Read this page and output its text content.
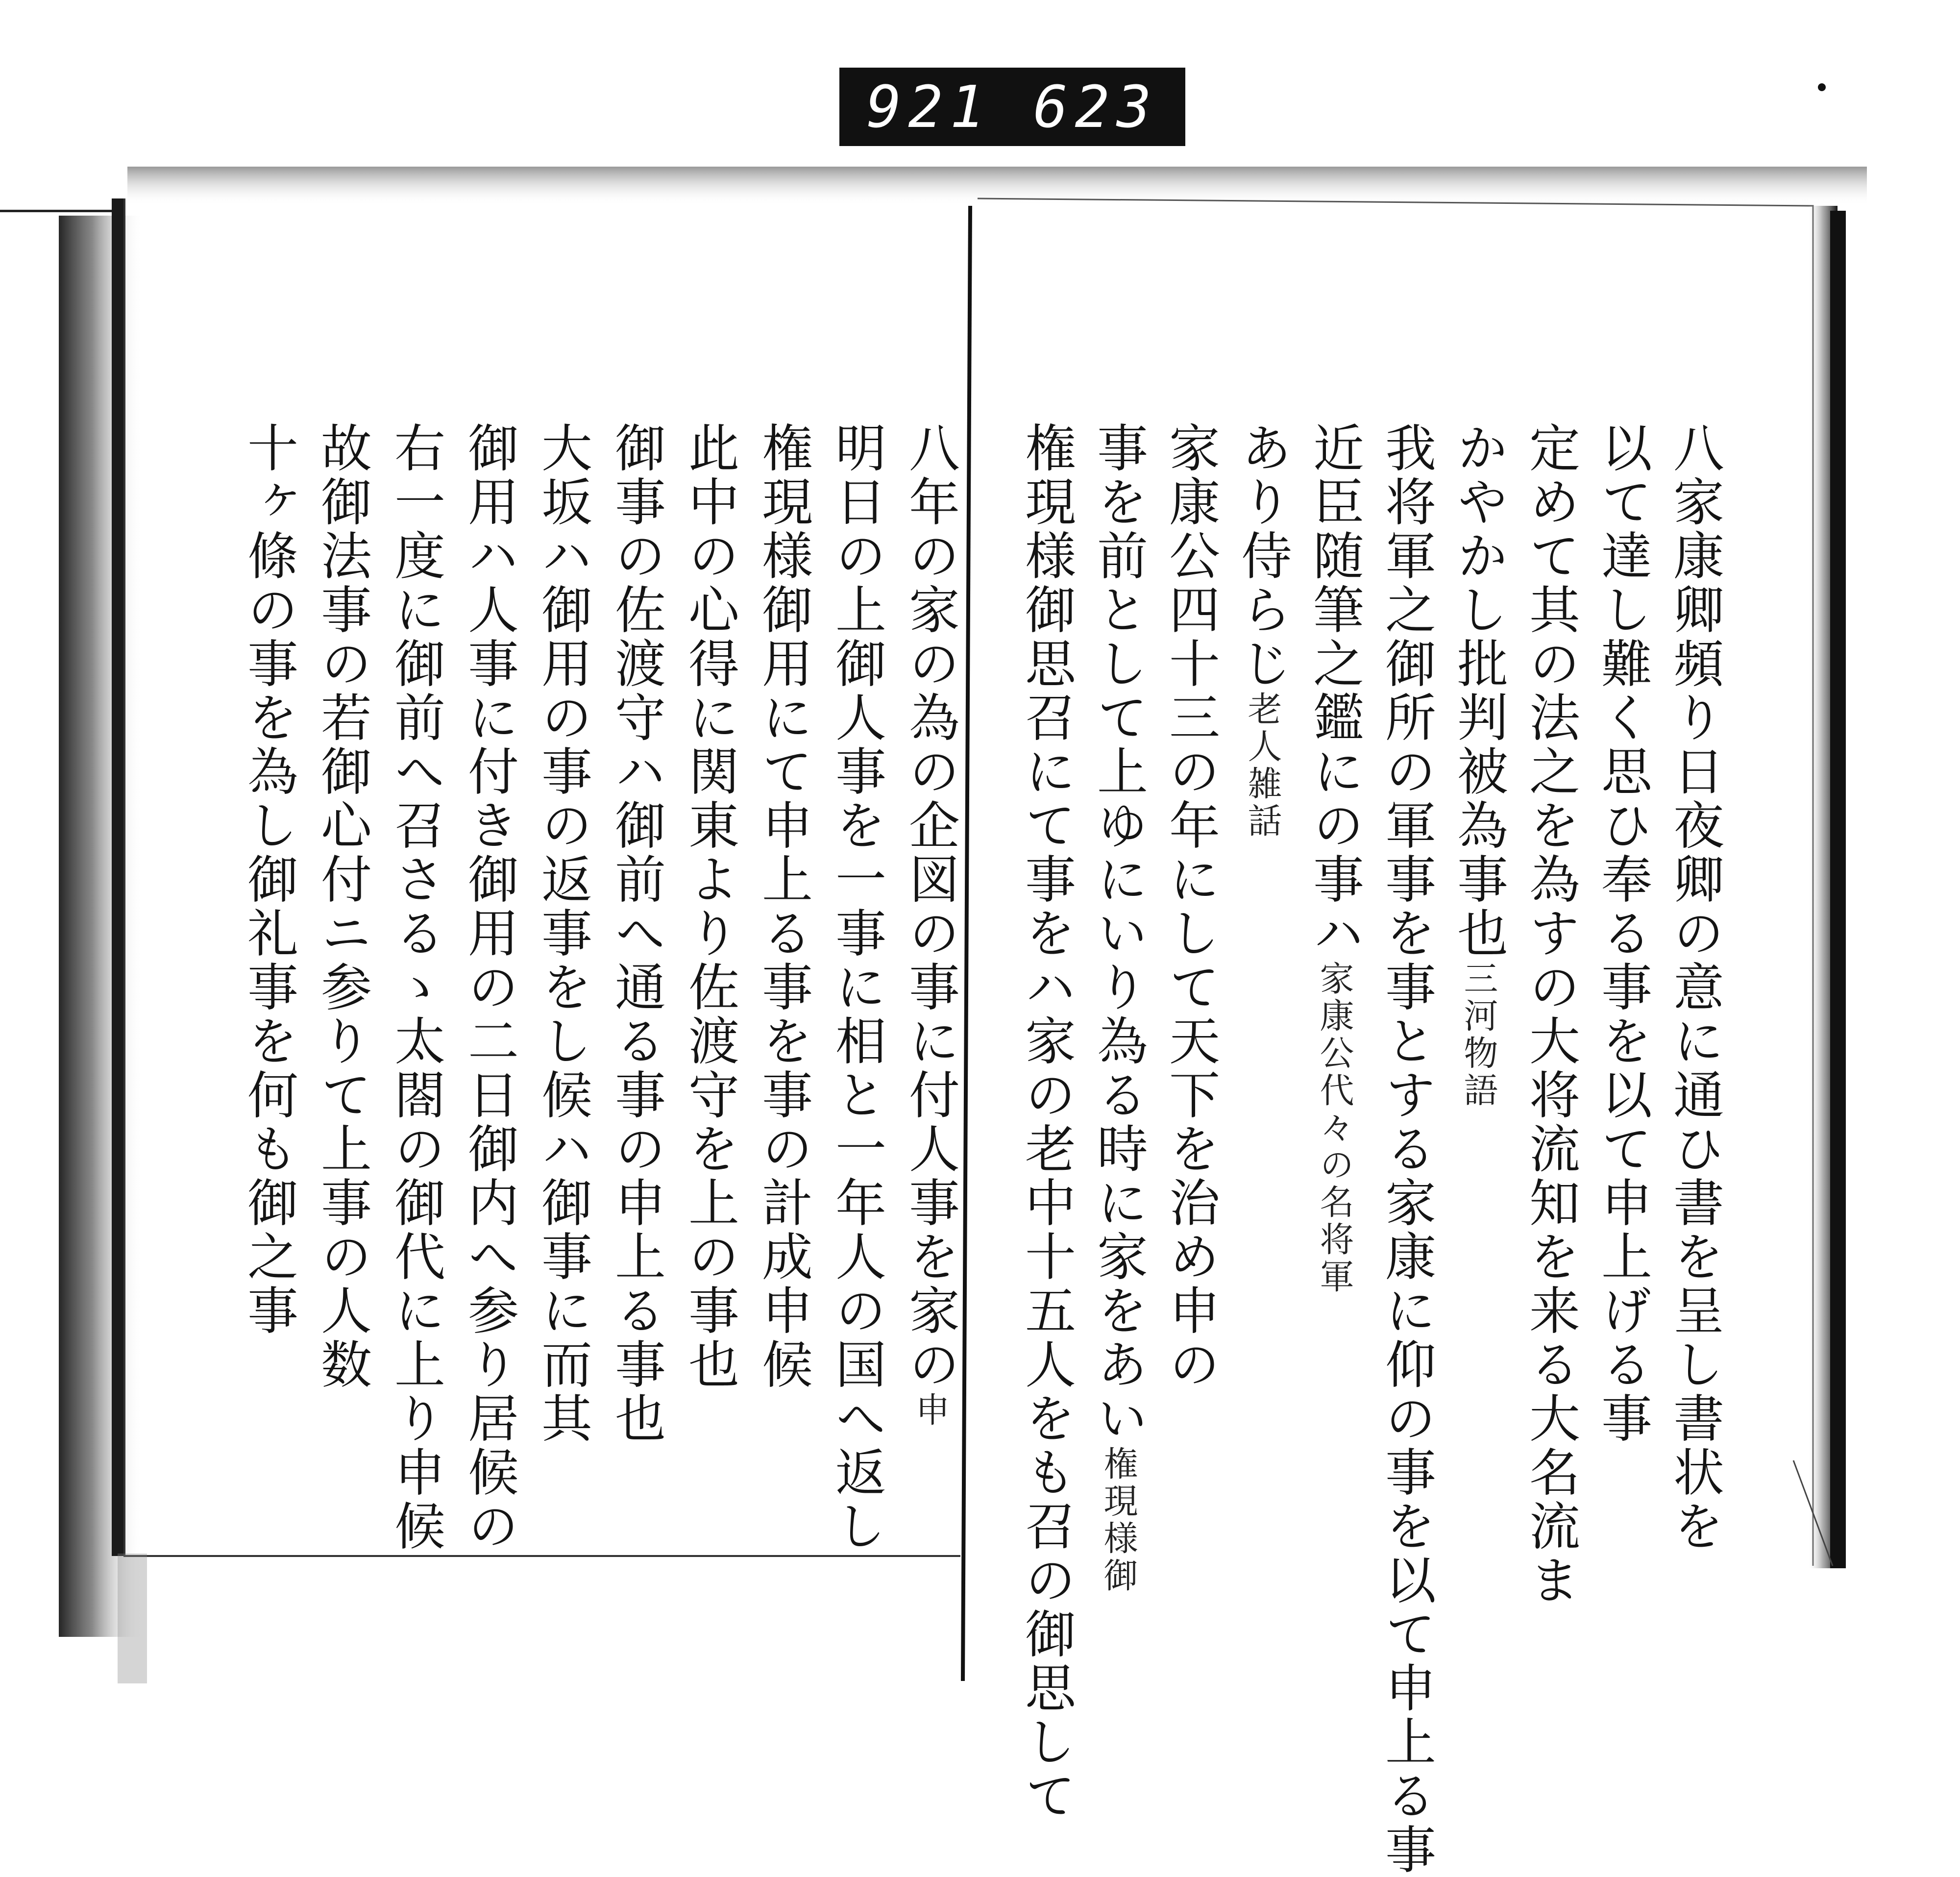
921 623
八家康卿頻り日夜卿の意に通ひ書を呈し書状を
以て達し難く思ひ奉る事を以て申上げる事
定めて其の法之を為すの大将流知を来る大名流ま
かやかし批判被為事也三河物語
我将軍之御所の軍事を事とする家康に仰の事を以て申上る事
近臣随筆之鑑にの事ハ家康公代々の名将軍
あり侍らじ老人雑話
家康公四十三の年にして天下を治め申の
事を前として上ゆにいり為る時に家をあい権現様御
権現様御思召にて事をハ家の老中十五人をも召の御思して
八年の家の為の企図の事に付人事を家の申
明日の上御人事を一事に相と一年人の国へ返し
権現様御用にて申上る事を事の計成申候
此中の心得に関東より佐渡守を上の事也
御事の佐渡守ハ御前へ通る事の申上る事也
大坂ハ御用の事の返事をし候ハ御事に而其
御用ハ人事に付き御用の二日御内へ参り居候の
右一度に御前へ召さるゝ太閤の御代に上り申候
故御法事の若御心付ニ参りて上事の人数
十ヶ條の事を為し御礼事を何も御之事
